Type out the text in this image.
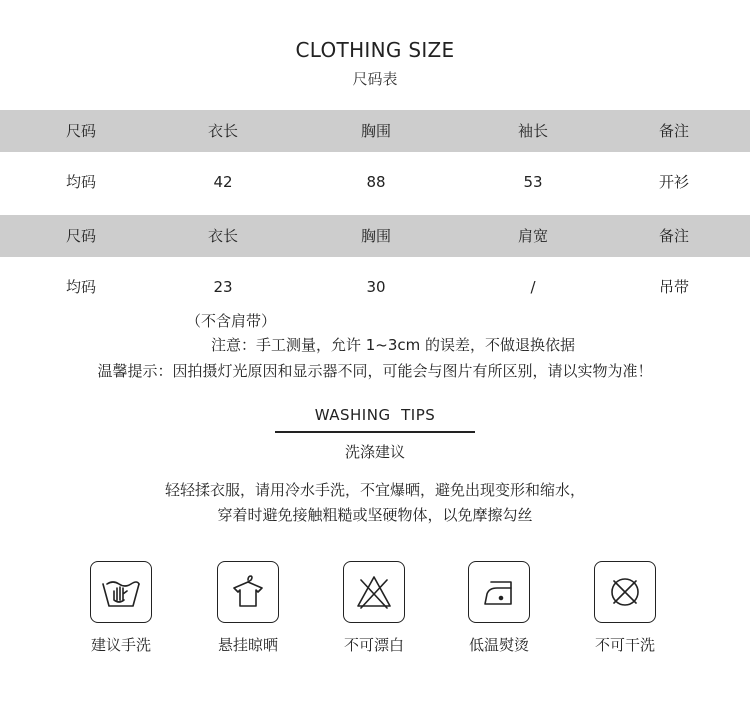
CLOTHING SIZE
尺码表
尺码	衣长	胸围	袖长	备注
均码	42	88	53	开衫
尺码	衣长	胸围	肩宽	备注
均码	23	30	/	吊带
（不含肩带）
注意：手工测量，允许 1~3cm 的误差，不做退换依据
温馨提示：因拍摄灯光原因和显示器不同，可能会与图片有所区别，请以实物为准！
WASHING  TIPS
洗涤建议
轻轻揉衣服，请用冷水手洗，不宜爆晒，避免出现变形和缩水，
穿着时避免接触粗糙或坚硬物体，以免摩擦勾丝
建议手洗	悬挂晾晒	不可漂白	低温熨烫	不可干洗
